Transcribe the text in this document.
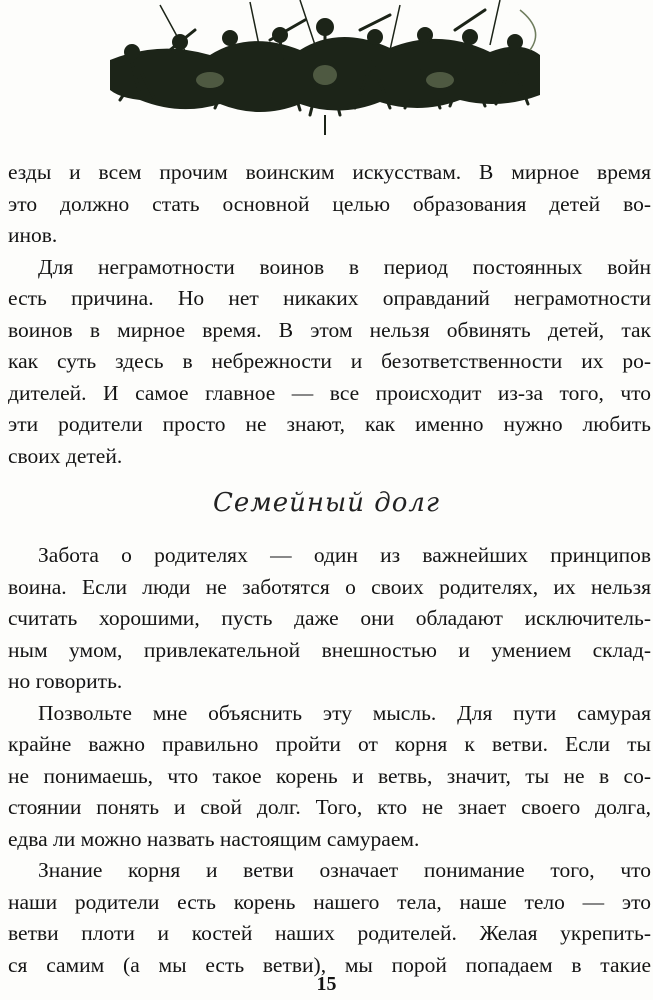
езды и всем прочим воинским искусствам. В мирное время
это должно стать основной целью образования детей во-
инов.
Для неграмотности воинов в период постоянных войн
есть причина. Но нет никаких оправданий неграмотности
воинов в мирное время. В этом нельзя обвинять детей, так
как суть здесь в небрежности и безответственности их ро-
дителей. И самое главное — все происходит из-за того, что
эти родители просто не знают, как именно нужно любить
своих детей.
Семейный долг
Забота о родителях — один из важнейших принципов
воина. Если люди не заботятся о своих родителях, их нельзя
считать хорошими, пусть даже они обладают исключитель-
ным умом, привлекательной внешностью и умением склад-
но говорить.
Позвольте мне объяснить эту мысль. Для пути самурая
крайне важно правильно пройти от корня к ветви. Если ты
не понимаешь, что такое корень и ветвь, значит, ты не в со-
стоянии понять и свой долг. Того, кто не знает своего долга,
едва ли можно назвать настоящим самураем.
Знание корня и ветви означает понимание того, что
наши родители есть корень нашего тела, наше тело — это
ветви плоти и костей наших родителей. Желая укрепить-
ся самим (а мы есть ветви), мы порой попадаем в такие
15
